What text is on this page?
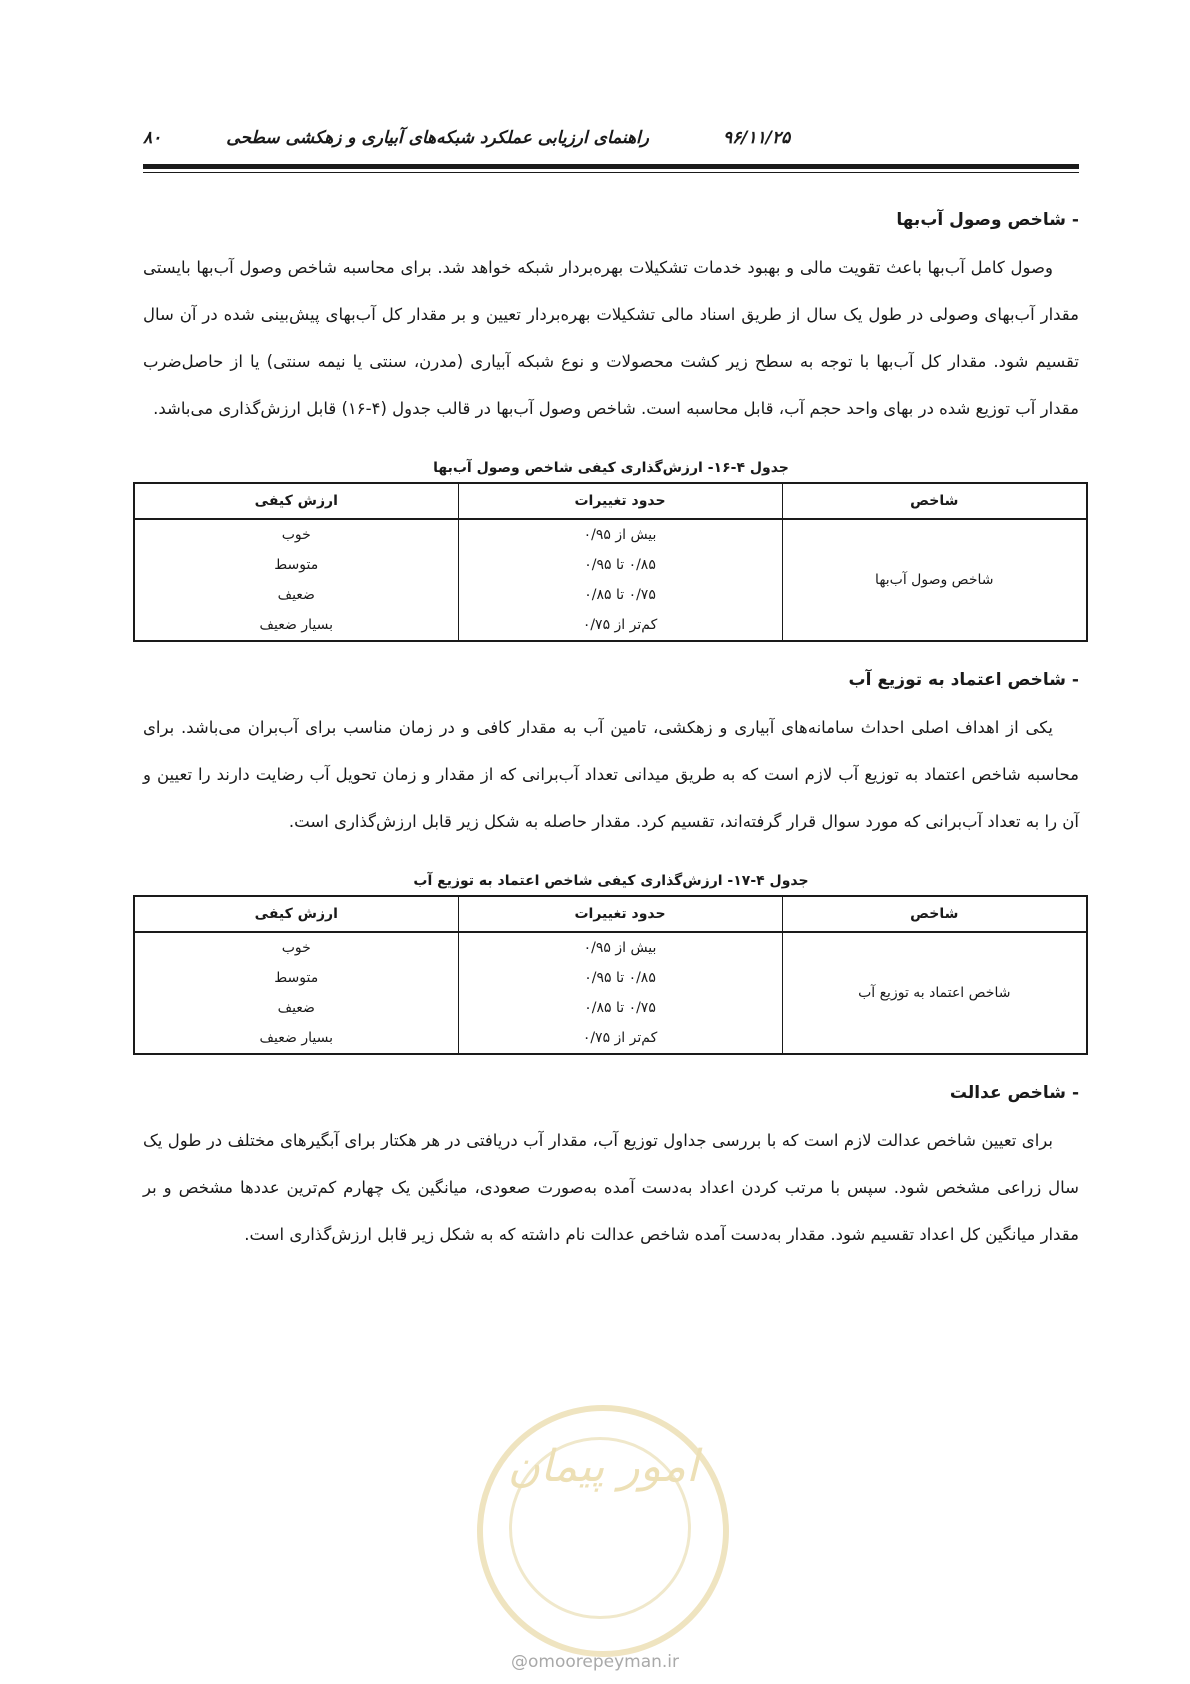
راهنمای ارزیابی عملکرد شبکه‌های آبیاری و زهکشی سطحی	۹۶/۱۱/۲۵
۸۰
- شاخص وصول آب‌بها

وصول کامل آب‌بها باعث تقویت مالی و بهبود خدمات تشکیلات بهره‌بردار شبکه خواهد شد. برای محاسبه شاخص وصول آب‌بها بایستی مقدار آب‌بهای وصولی در طول یک سال از طریق اسناد مالی تشکیلات بهره‌بردار تعیین و بر مقدار کل آب‌بهای پیش‌بینی شده در آن سال تقسیم شود. مقدار کل آب‌بها با توجه به سطح زیر کشت محصولات و نوع شبکه آبیاری (مدرن، سنتی یا نیمه سنتی) یا از حاصل‌ضرب مقدار آب توزیع شده در بهای واحد حجم آب، قابل محاسبه است. شاخص وصول آب‌بها در قالب جدول (۴-۱۶) قابل ارزش‌گذاری می‌باشد.

جدول ۴-۱۶- ارزش‌گذاری کیفی شاخص وصول آب‌بها

شاخص	حدود تغییرات	ارزش کیفی
شاخص وصول آب‌بها	بیش از ۰/۹۵	خوب
	۰/۸۵ تا ۰/۹۵	متوسط
	۰/۷۵ تا ۰/۸۵	ضعیف
	کم‌تر از ۰/۷۵	بسیار ضعیف
- شاخص اعتماد به توزیع آب

یکی از اهداف اصلی احداث سامانه‌های آبیاری و زهکشی، تامین آب به مقدار کافی و در زمان مناسب برای آب‌بران می‌باشد. برای محاسبه شاخص اعتماد به توزیع آب لازم است که به طریق میدانی تعداد آب‌برانی که از مقدار و زمان تحویل آب رضایت دارند را تعیین و آن را به تعداد آب‌برانی که مورد سوال قرار گرفته‌اند، تقسیم کرد. مقدار حاصله به شکل زیر قابل ارزش‌گذاری است.

جدول ۴-۱۷- ارزش‌گذاری کیفی شاخص اعتماد به توزیع آب

شاخص	حدود تغییرات	ارزش کیفی
شاخص اعتماد به توزیع آب	بیش از ۰/۹۵	خوب
	۰/۸۵ تا ۰/۹۵	متوسط
	۰/۷۵ تا ۰/۸۵	ضعیف
	کم‌تر از ۰/۷۵	بسیار ضعیف
- شاخص عدالت

برای تعیین شاخص عدالت لازم است که با بررسی جداول توزیع آب، مقدار آب دریافتی در هر هکتار برای آبگیرهای مختلف در طول یک سال زراعی مشخص شود. سپس با مرتب کردن اعداد به‌دست آمده به‌صورت صعودی، میانگین یک چهارم کم‌ترین عددها مشخص و بر مقدار میانگین کل اعداد تقسیم شود. مقدار به‌دست آمده شاخص عدالت نام داشته که به شکل زیر قابل ارزش‌گذاری است.

امور پیمان
@omoorepeyman.ir
